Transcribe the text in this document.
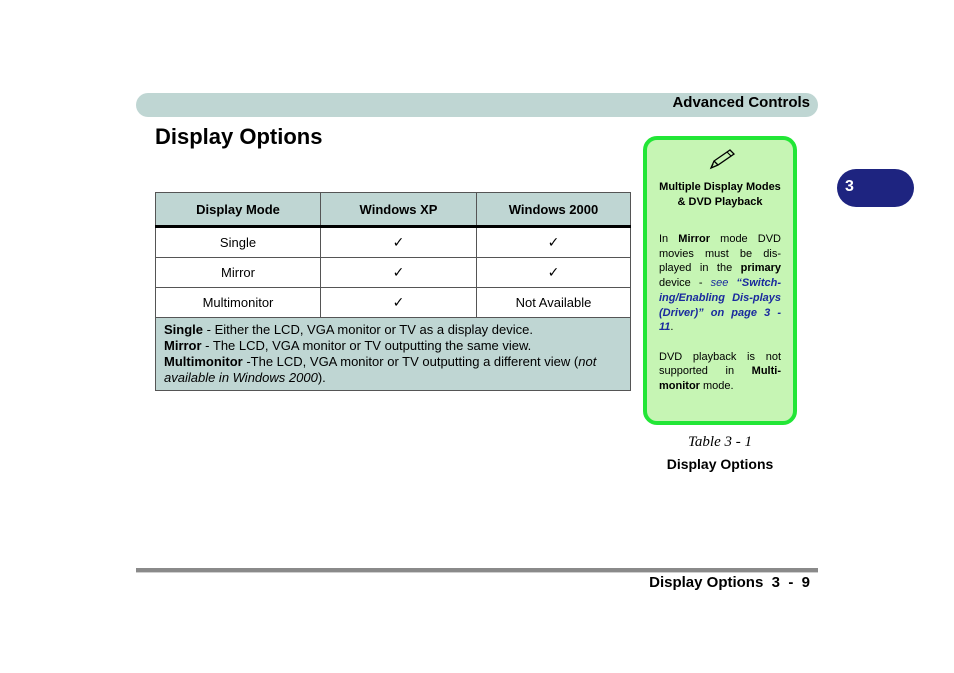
Advanced Controls
Display Options
3
Display Mode	Windows XP	Windows 2000
Single	✓	✓
Mirror	✓	✓
Multimonitor	✓	Not Available
Single - Either the LCD, VGA monitor or TV as a display device.
Mirror - The LCD, VGA monitor or TV outputting the same view.
Multimonitor -The LCD, VGA monitor or TV outputting a different view (not available in Windows 2000).		
Multiple Display Modes & DVD Playback
In Mirror mode DVD movies must be dis-played in the primary device - see “Switch-ing/Enabling Dis-plays (Driver)” on page 3 - 11.

DVD playback is not supported in Multi-monitor mode.
Table 3 - 1
Display Options
Display Options  3  -  9
